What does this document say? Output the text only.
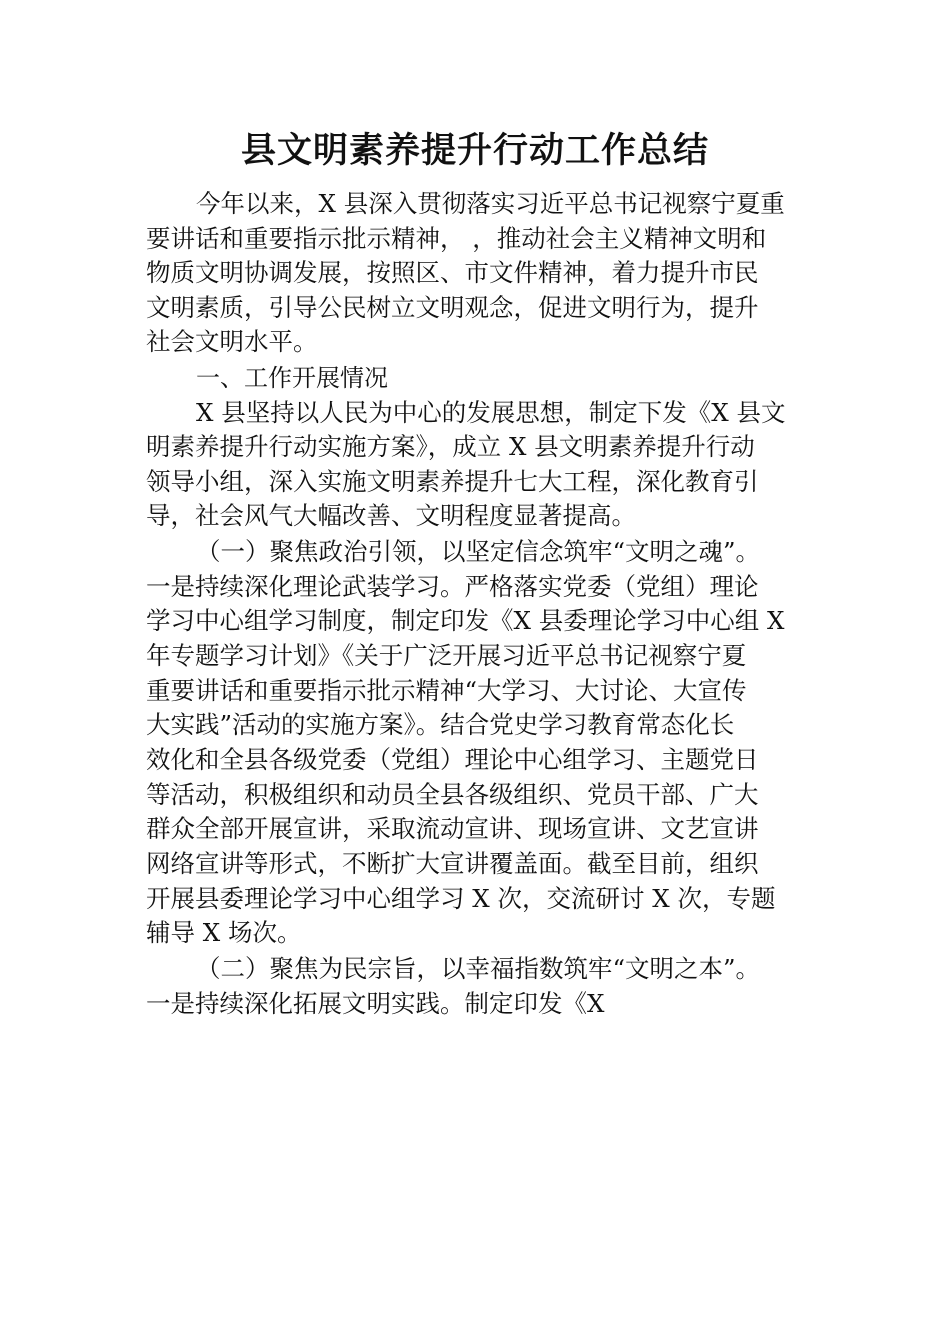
县文明素养提升行动工作总结
今年以来，X 县深入贯彻落实习近平总书记视察宁夏重
要讲话和重要指示批示精神， ，推动社会主义精神文明和
物质文明协调发展，按照区、市文件精神，着力提升市民
文明素质，引导公民树立文明观念，促进文明行为，提升
社会文明水平。
一、工作开展情况
X 县坚持以人民为中心的发展思想，制定下发《X 县文
明素养提升行动实施方案》，成立 X 县文明素养提升行动
领导小组，深入实施文明素养提升七大工程，深化教育引
导，社会风气大幅改善、文明程度显著提高。
（一）聚焦政治引领，以坚定信念筑牢“文明之魂”。
一是持续深化理论武装学习。严格落实党委（党组）理论
学习中心组学习制度，制定印发《X 县委理论学习中心组 X
年专题学习计划》《关于广泛开展习近平总书记视察宁夏
重要讲话和重要指示批示精神“大学习、大讨论、大宣传
大实践”活动的实施方案》。结合党史学习教育常态化长
效化和全县各级党委（党组）理论中心组学习、主题党日
等活动，积极组织和动员全县各级组织、党员干部、广大
群众全部开展宣讲，采取流动宣讲、现场宣讲、文艺宣讲
网络宣讲等形式，不断扩大宣讲覆盖面。截至目前，组织
开展县委理论学习中心组学习 X 次，交流研讨 X 次，专题
辅导 X 场次。
（二）聚焦为民宗旨，以幸福指数筑牢“文明之本”。
一是持续深化拓展文明实践。制定印发《X
